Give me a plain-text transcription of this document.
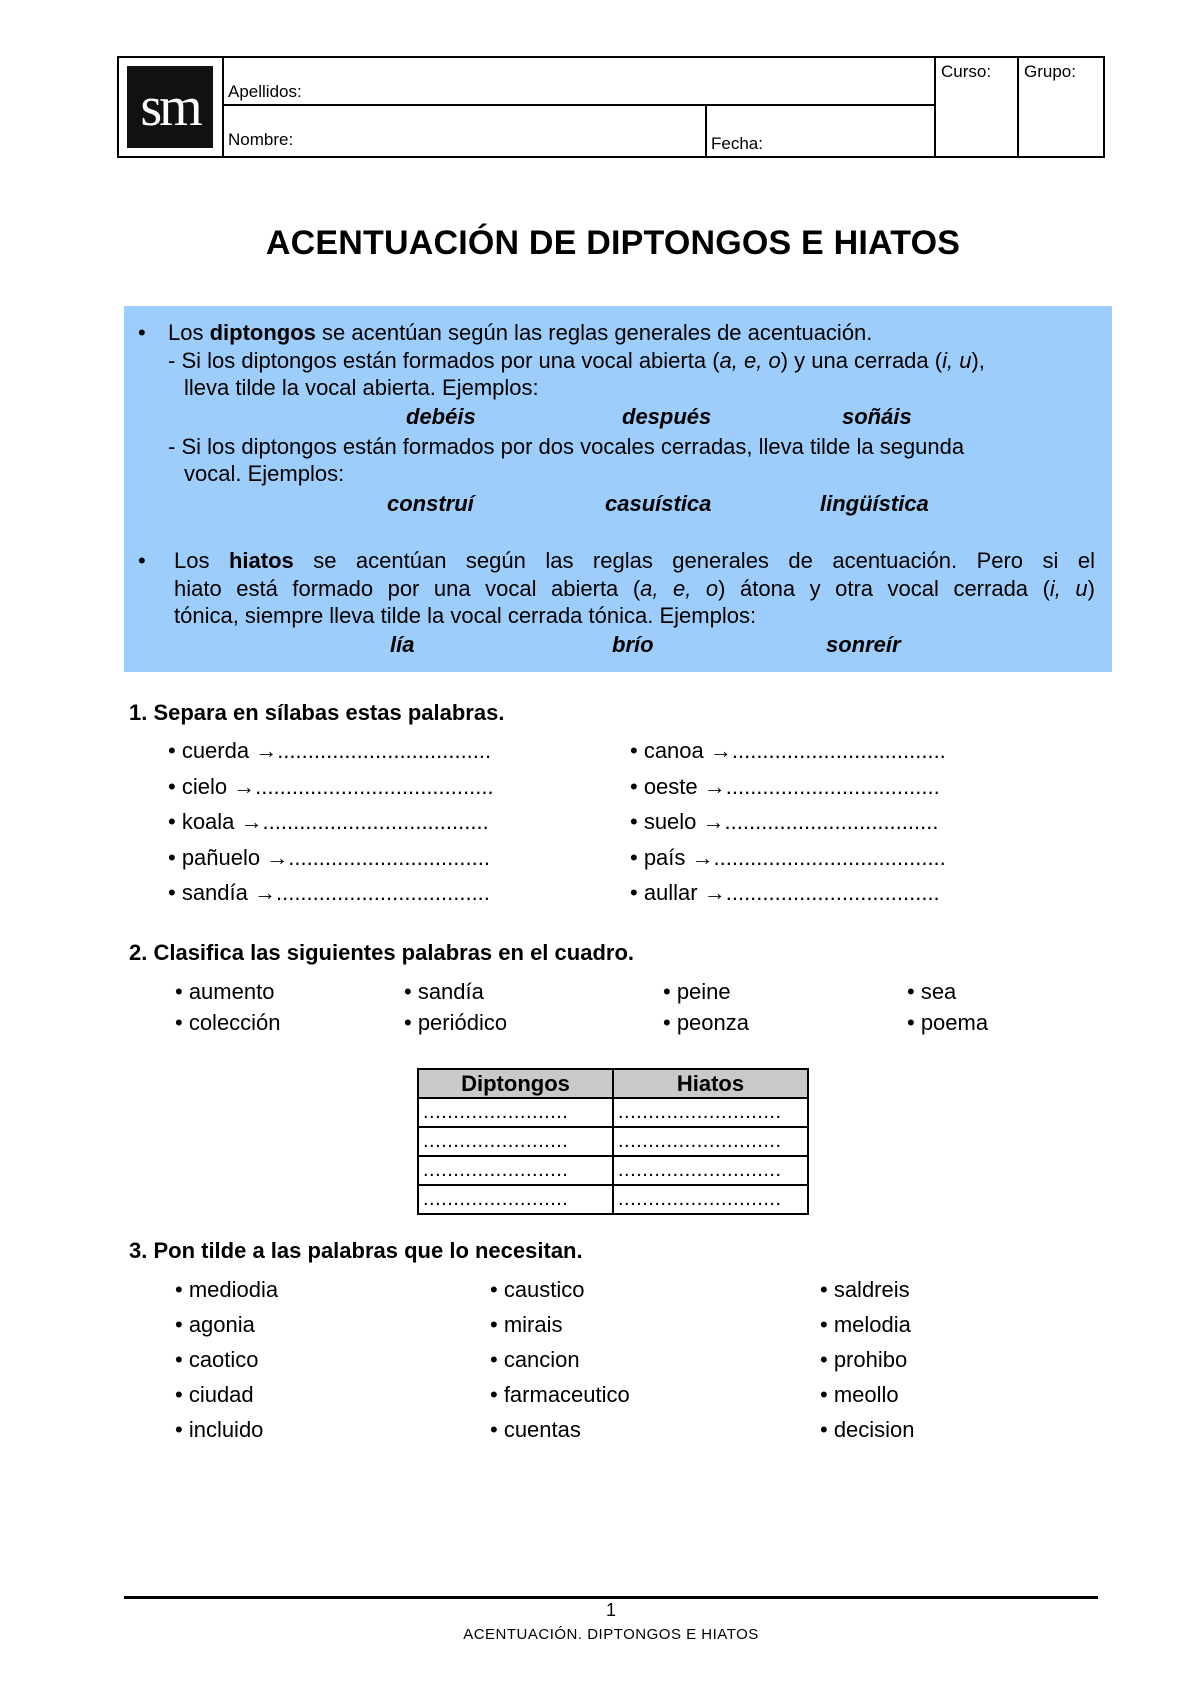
sm	Apellidos:
Nombre:	Fecha:
Curso: Grupo:
ACENTUACIÓN DE DIPTONGOS E HIATOS
• Los diptongos se acentúan según las reglas generales de acentuación.
- Si los diptongos están formados por una vocal abierta (a, e, o) y una cerrada (i, u),
lleva tilde la vocal abierta. Ejemplos:
debéis	después	soñáis
- Si los diptongos están formados por dos vocales cerradas, lleva tilde la segunda
vocal. Ejemplos:
construí	casuística	lingüística
• Los hiatos se acentúan según las reglas generales de acentuación. Pero si el
hiato está formado por una vocal abierta (a, e, o) átona y otra vocal cerrada (i, u)
tónica, siempre lleva tilde la vocal cerrada tónica. Ejemplos:
lía	brío	sonreír
1. Separa en sílabas estas palabras.
• cuerda →...................................
• cielo →.......................................
• koala →.....................................
• pañuelo →.................................
• sandía →...................................
• canoa →...................................
• oeste →...................................
• suelo →...................................
• país →......................................
• aullar →...................................
2. Clasifica las siguientes palabras en el cuadro.
• aumento	• sandía	• peine	• sea
• colección	• periódico	• peonza	• poema
Diptongos	Hiatos
........................	...........................
........................	...........................
........................	...........................
........................	...........................
3. Pon tilde a las palabras que lo necesitan.
• mediodia
• agonia
• caotico
• ciudad
• incluido
• caustico
• mirais
• cancion
• farmaceutico
• cuentas
• saldreis
• melodia
• prohibo
• meollo
• decision
1
ACENTUACIÓN. DIPTONGOS E HIATOS
